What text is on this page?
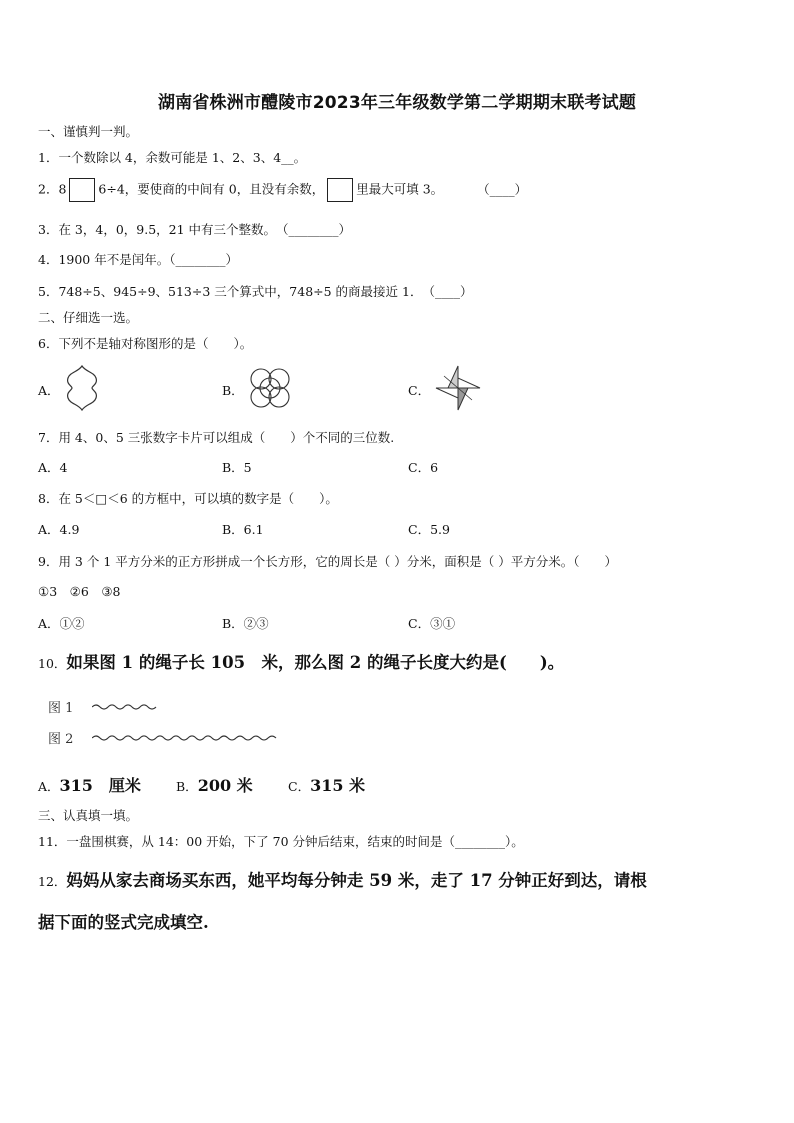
湖南省株洲市醴陵市2023年三年级数学第二学期期末联考试题
一、谨慎判一判。
1．一个数除以 4，余数可能是 1、2、3、4__。
2．8	6÷4，要使商的中间有 0，且没有余数，	里最大可填 3。	（____）
3．在 3，4，0，9.5，21 中有三个整数。　（________）
4．1900 年不是闰年。（________）
5．748÷5、945÷9、513÷3 三个算式中，748÷5 的商最接近 1．　（____）
二、仔细选一选。
6．下列不是轴对称图形的是（　　）。
A．	B．	C．
7．用 4、0、5 三张数字卡片可以组成（　　）个不同的三位数.
A．4	B．5	C．6
8．在 5＜□＜6 的方框中，可以填的数字是（　　）。
A．4.9	B．6.1	C．5.9
9．用 3 个 1 平方分米的正方形拼成一个长方形，它的周长是（ ）分米，面积是（ ）平方分米。（　　）
①3　②6　③8
A．①②	B．②③	C．③①
10．如果图 1 的绳子长 105　米，那么图 2 的绳子长度大约是(　　)。
图 1
图 2
A．315　厘米	B．200 米	C．315 米
三、认真填一填。
11．一盘围棋赛，从 14：00 开始，下了 70 分钟后结束，结束的时间是（________）。
12．妈妈从家去商场买东西，她平均每分钟走 59 米，走了 17 分钟正好到达，请根
据下面的竖式完成填空.
